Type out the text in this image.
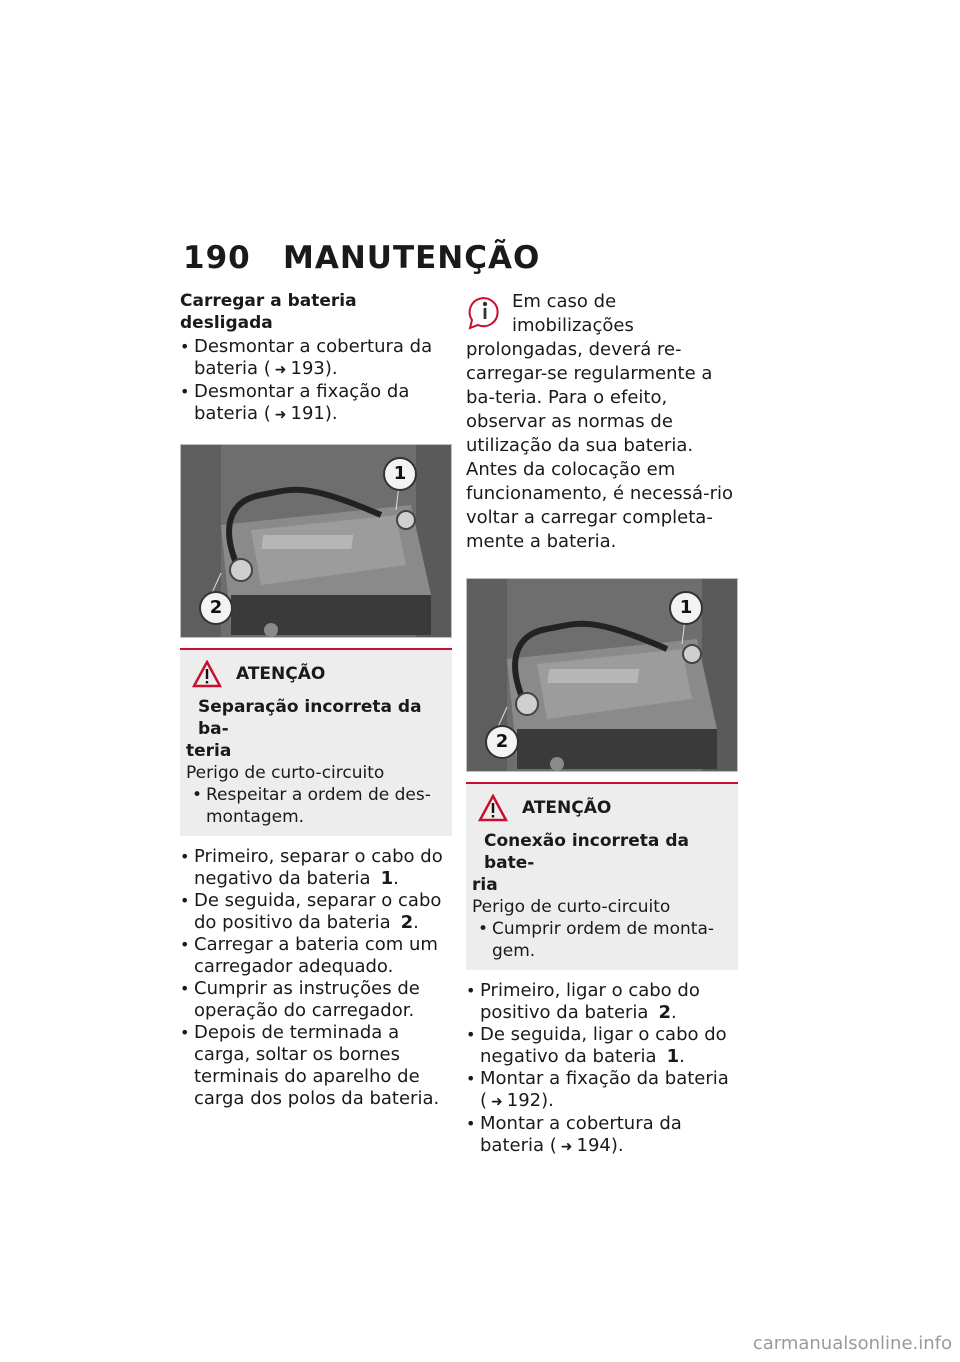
190	MANUTENÇÃO
Carregar a bateria desligada
• Desmontar a cobertura da bateria ( ➜ 193).
• Desmontar a fixação da bateria ( ➜ 191).
1
2
ATENÇÃO
Separação incorreta da ba-
teria
Perigo de curto-circuito
• Respeitar a ordem de des-montagem.
• Primeiro, separar o cabo do negativo da bateria 1.
• De seguida, separar o cabo do positivo da bateria 2.
• Carregar a bateria com um carregador adequado.
• Cumprir as instruções de operação do carregador.
• Depois de terminada a carga, soltar os bornes terminais do aparelho de carga dos polos da bateria.
Em caso de imobilizações prolongadas, deverá re-carregar-se regularmente a ba-teria. Para o efeito, observar as normas de utilização da sua bateria. Antes da colocação em funcionamento, é necessá-rio voltar a carregar completa-mente a bateria.
1
2
ATENÇÃO
Conexão incorreta da bate-
ria
Perigo de curto-circuito
• Cumprir ordem de monta-gem.
• Primeiro, ligar o cabo do positivo da bateria 2.
• De seguida, ligar o cabo do negativo da bateria 1.
• Montar a fixação da bateria ( ➜ 192).
• Montar a cobertura da bateria ( ➜ 194).
carmanualsonline.info
